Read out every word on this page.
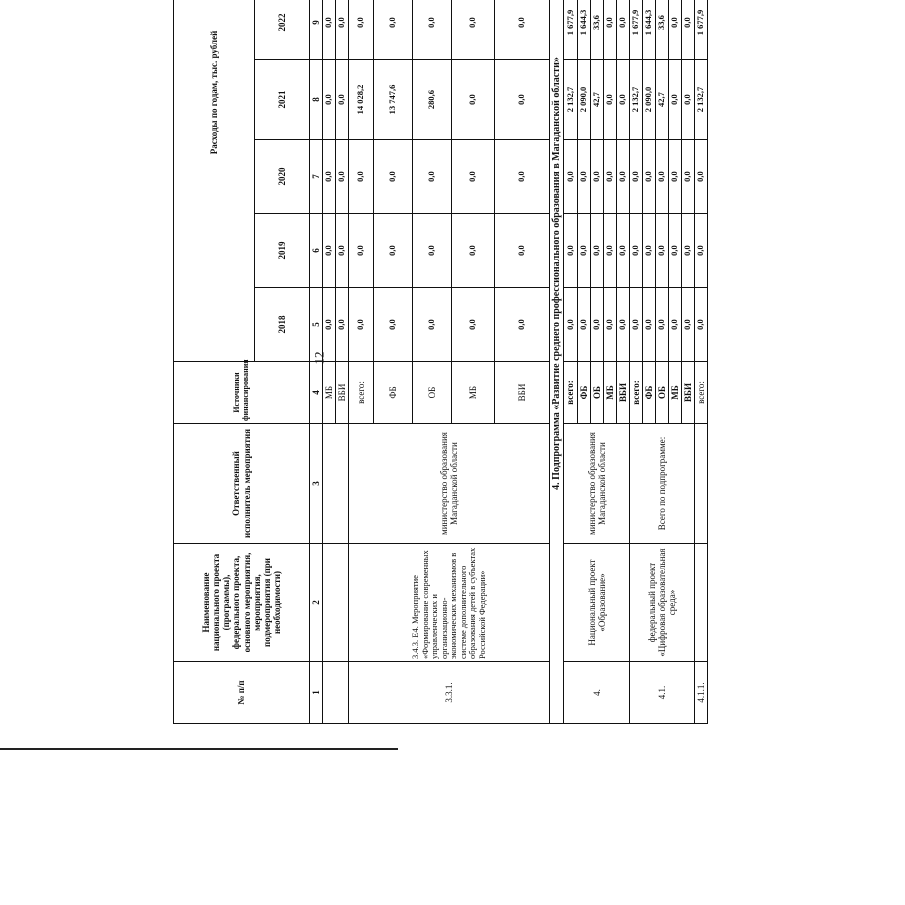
12
№ п/п	Наименование национального проекта (программы), федерального проекта, основного мероприятия, мероприятия, подмероприятия (при необходимости)	Ответственный исполнитель мероприятия	Источники финансирования	Расходы по годам, тыс. рублей						
				2018	2019	2020	2021	2022		
1	2	3	4	5	6	7	8	9		
			МБ	0,0	0,0	0,0	0,0	0,0		
			ВБИ	0,0	0,0	0,0	0,0	0,0		
3.3.1.	3.4.3. Е4. Мероприятие «Формирование современных управленческих и организационно-экономических механизмов в системе дополнительного образования детей в субъектах Российской Федерации»	министерство образования Магаданской области	всего:	0,0	0,0	0,0	14 028,2	0,0		
			ФБ	0,0	0,0	0,0	13 747,6	0,0		
			ОБ	0,0	0,0	0,0	280,6	0,0		
			МБ	0,0	0,0	0,0	0,0	0,0		
			ВБИ	0,0	0,0	0,0	0,0	0,0		
4. Подпрограмма «Развитие среднего профессионального образования в Магаданской области»										
4.	Национальный проект «Образование»	министерство образования Магаданской области	всего:	0,0	0,0	0,0	2 132,7	1 677,9		
			ФБ	0,0	0,0	0,0	2 090,0	1 644,3		
			ОБ	0,0	0,0	0,0	42,7	33,6		
			МБ	0,0	0,0	0,0	0,0	0,0		
			ВБИ	0,0	0,0	0,0	0,0	0,0		
4.1.	федеральный проект «Цифровая образовательная среда»	Всего по подпрограмме:	всего:	0,0	0,0	0,0	2 132,7	1 677,9		
			ФБ	0,0	0,0	0,0	2 090,0	1 644,3		
			ОБ	0,0	0,0	0,0	42,7	33,6		
			МБ	0,0	0,0	0,0	0,0	0,0		
			ВБИ	0,0	0,0	0,0	0,0	0,0		
4.1.1.			всего:	0,0	0,0	0,0	2 132,7	1 677,9		
